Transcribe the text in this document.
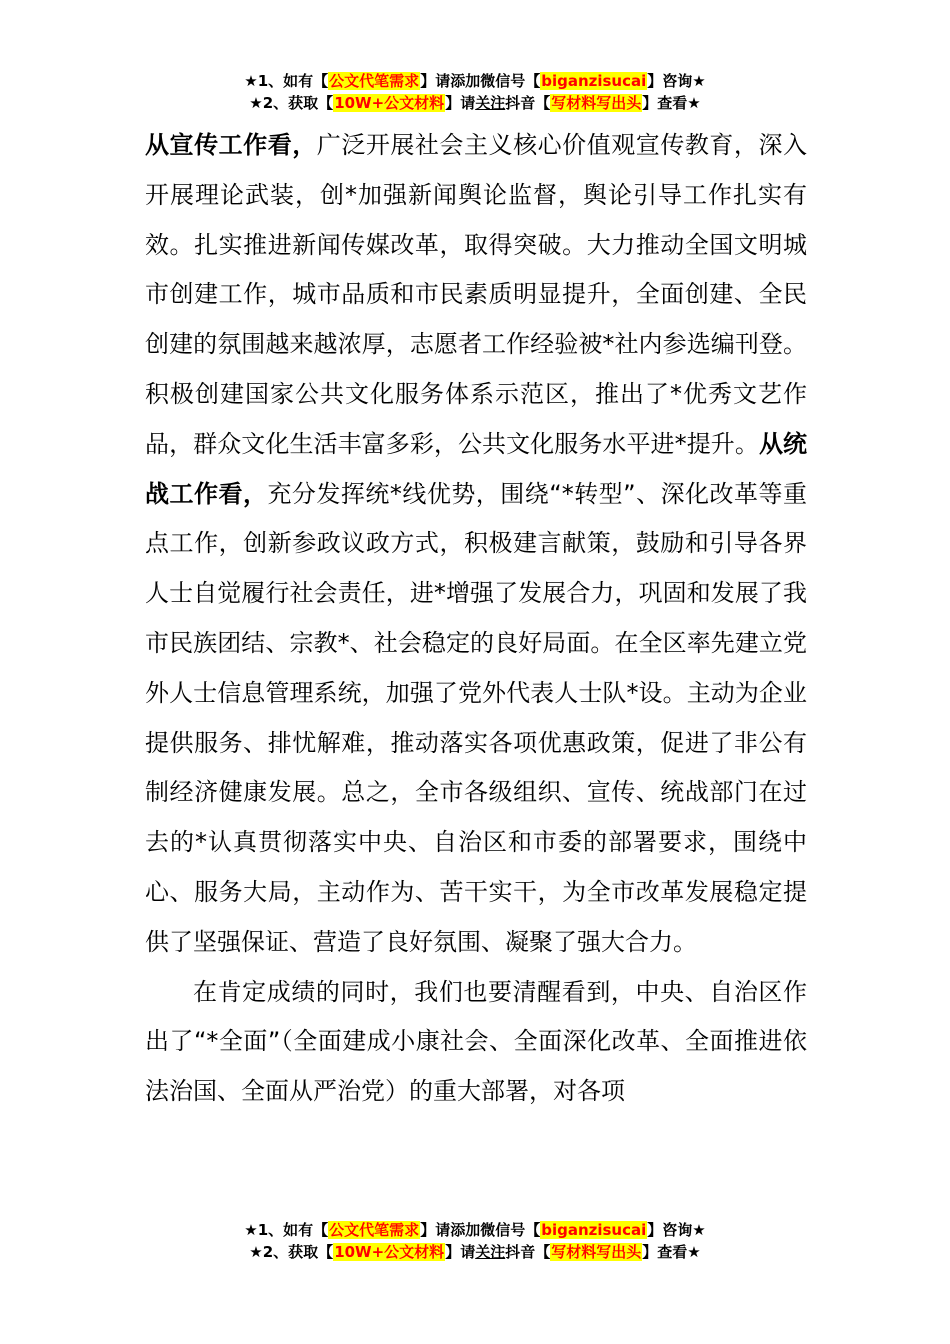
★1、如有【公文代笔需求】请添加微信号【biganzisucai】咨询★
★2、获取【10W+公文材料】请关注抖音【写材料写出头】查看★

从宣传工作看，广泛开展社会主义核心价值观宣传教育，深入开展理论武装，创*加强新闻舆论监督，舆论引导工作扎实有效。扎实推进新闻传媒改革，取得突破。大力推动全国文明城市创建工作，城市品质和市民素质明显提升，全面创建、全民创建的氛围越来越浓厚，志愿者工作经验被*社内参选编刊登。积极创建国家公共文化服务体系示范区，推出了*优秀文艺作品，群众文化生活丰富多彩，公共文化服务水平进*提升。从统战工作看，充分发挥统*线优势，围绕“*转型”、深化改革等重点工作，创新参政议政方式，积极建言献策，鼓励和引导各界人士自觉履行社会责任，进*增强了发展合力，巩固和发展了我市民族团结、宗教*、社会稳定的良好局面。在全区率先建立党外人士信息管理系统，加强了党外代表人士队*设。主动为企业提供服务、排忧解难，推动落实各项优惠政策，促进了非公有制经济健康发展。总之，全市各级组织、宣传、统战部门在过去的*认真贯彻落实中央、自治区和市委的部署要求，围绕中心、服务大局，主动作为、苦干实干，为全市改革发展稳定提供了坚强保证、营造了良好氛围、凝聚了强大合力。

在肯定成绩的同时，我们也要清醒看到，中央、自治区作出了“*全面”（全面建成小康社会、全面深化改革、全面推进依法治国、全面从严治党）的重大部署，对各项

★1、如有【公文代笔需求】请添加微信号【biganzisucai】咨询★
★2、获取【10W+公文材料】请关注抖音【写材料写出头】查看★
